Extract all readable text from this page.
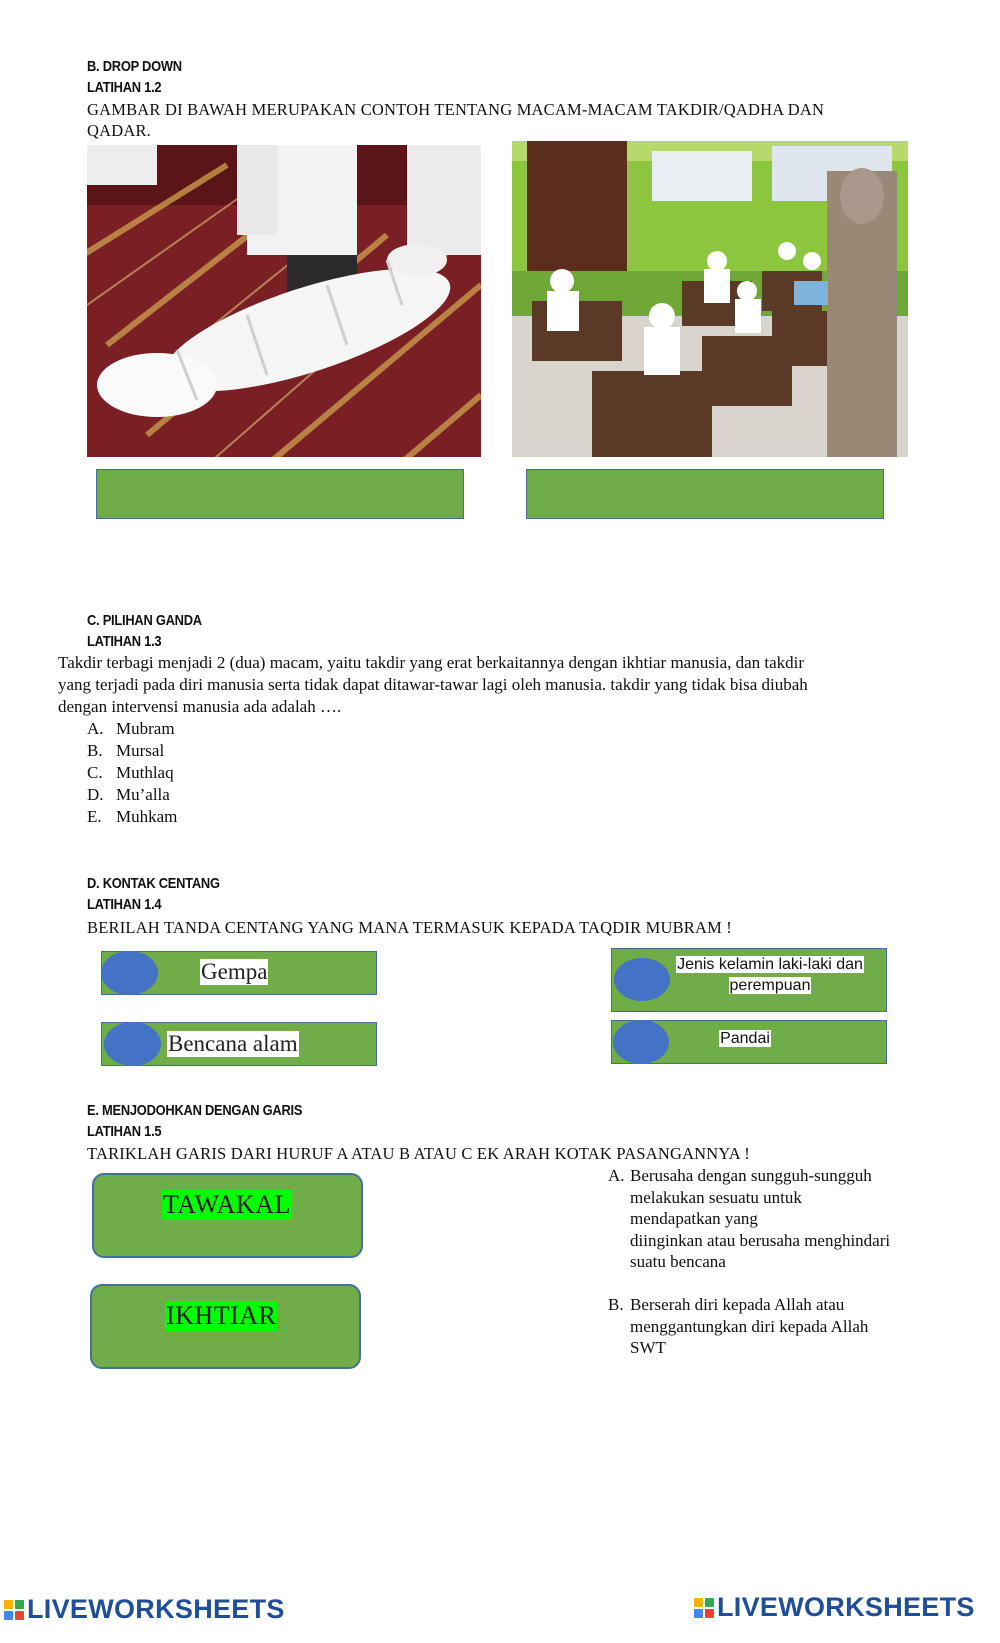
B. DROP DOWN
LATIHAN 1.2
GAMBAR DI BAWAH MERUPAKAN CONTOH TENTANG MACAM-MACAM TAKDIR/QADHA DAN
QADAR.
C. PILIHAN GANDA
LATIHAN 1.3
Takdir terbagi menjadi 2 (dua) macam, yaitu takdir yang erat berkaitannya dengan ikhtiar manusia, dan takdir
yang terjadi pada diri manusia serta tidak dapat ditawar-tawar lagi oleh manusia. takdir yang tidak bisa diubah
dengan intervensi manusia ada adalah ….
A. Mubram
B. Mursal
C. Muthlaq
D. Mu’alla
E. Muhkam
D. KONTAK CENTANG
LATIHAN 1.4
BERILAH TANDA CENTANG YANG MANA TERMASUK KEPADA TAQDIR MUBRAM !
Gempa
Bencana alam
Jenis kelamin laki-laki dan
perempuan
Pandai
E. MENJODOHKAN DENGAN GARIS
LATIHAN 1.5
TARIKLAH GARIS DARI HURUF A ATAU B ATAU C EK ARAH KOTAK PASANGANNYA !
TAWAKAL
IKHTIAR
A. Berusaha dengan sungguh-sungguh
melakukan sesuatu untuk
mendapatkan yang
diinginkan atau berusaha menghindari
suatu bencana
B. Berserah diri kepada Allah atau
menggantungkan diri kepada Allah
SWT
LIVEWORKSHEETS	LIVEWORKSHEETS
